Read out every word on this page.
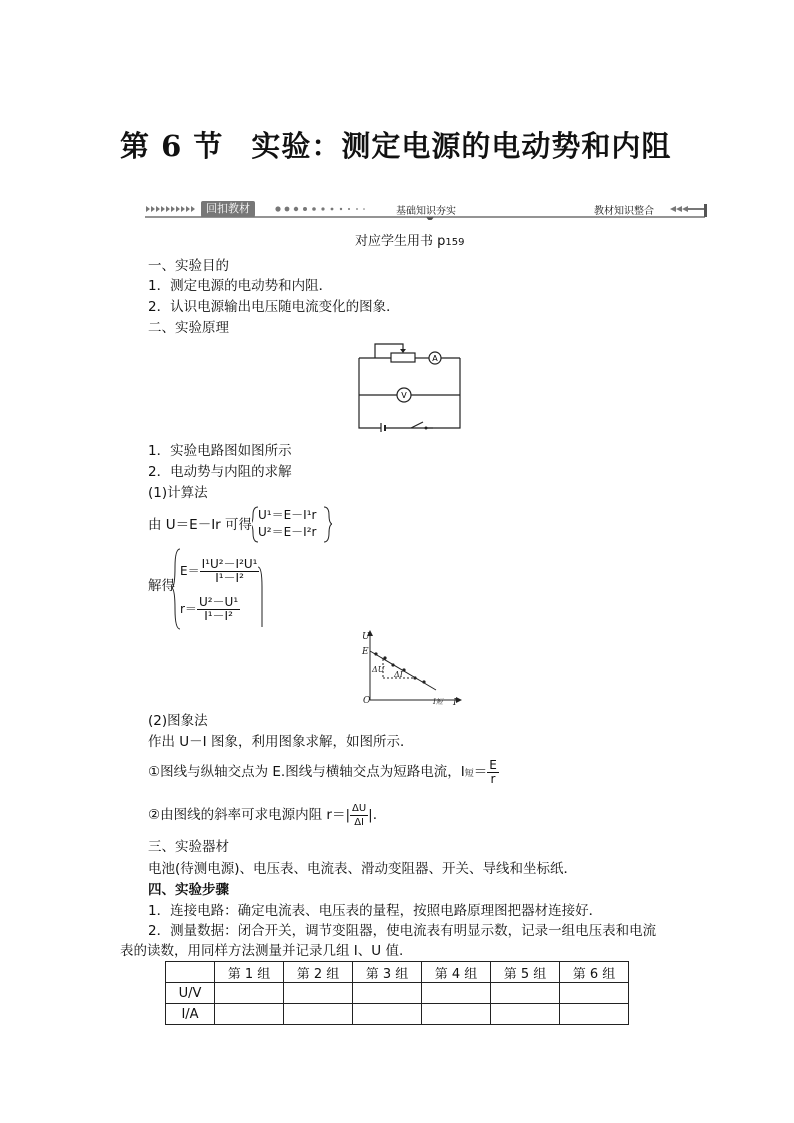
第 6 节 实验：测定电源的电动势和内阻
回扣教材	基础知识夯实	教材知识整合
对应学生用书 p159
一、实验目的
1．测定电源的电动势和内阻．
2．认识电源输出电压随电流变化的图象．
二、实验原理
A
V
1．实验电路图如图所示
2．电动势与内阻的求解
(1)计算法
由 U＝E－Ir 可得
U¹＝E－I¹r
U²＝E－I²r
解得
$E= \frac{\text{I¹U²－I²U¹}}{\text{I¹－I²}}$
$r= \frac{\text{U²－U¹}}{\text{I¹－I²}}$
U
I
O
E
I短
ΔU
ΔI
(2)图象法
作出 U－I 图象，利用图象求解，如图所示．
①图线与纵轴交点为 E.图线与横轴交点为短路电流，I短＝ $\frac{E}{r}$
②由图线的斜率可求电源内阻 $r=| \frac{\Delta U}{\Delta I}$ |.
三、实验器材
电池(待测电源)、电压表、电流表、滑动变阻器、开关、导线和坐标纸．
四、实验步骤
1．连接电路：确定电流表、电压表的量程，按照电路原理图把器材连接好．
2．测量数据：闭合开关，调节变阻器，使电流表有明显示数，记录一组电压表和电流
表的读数，用同样方法测量并记录几组 I、U 值.
	第 1 组	第 2 组	第 3 组	第 4 组	第 5 组	第 6 组
U/V						
I/A						
